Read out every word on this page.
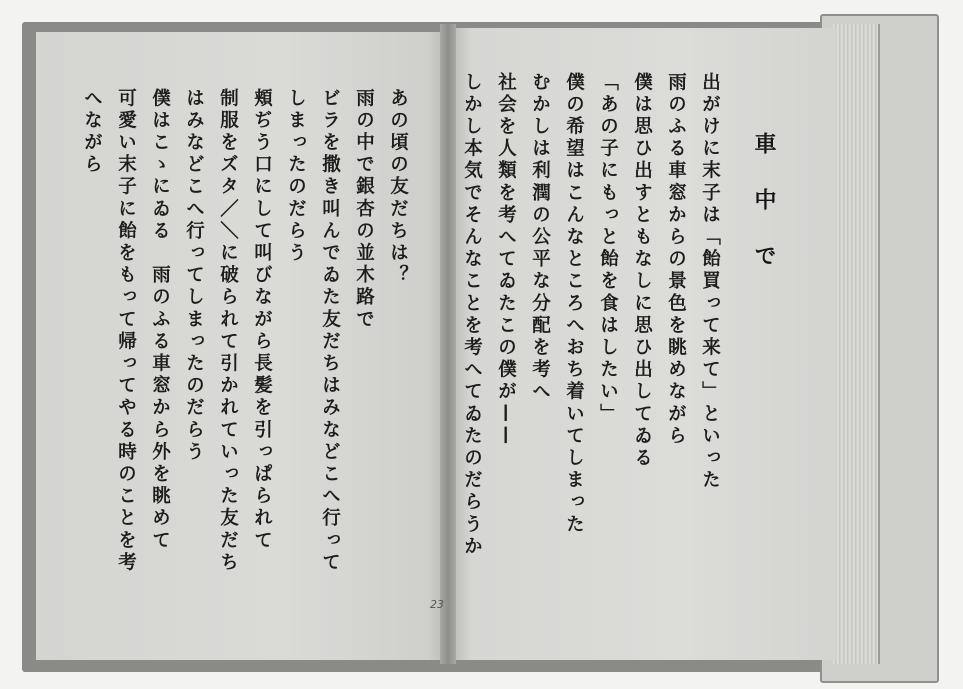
あの頃の友だちは？
雨の中で銀杏の並木路で
ビラを撒き叫んでゐた友だちはみなどこへ行って
しまったのだらう
頬ぢう口にして叫びながら長髪を引っぱられて
制服をズタ／＼に破られて引かれていった友だち
はみなどこへ行ってしまったのだらう
僕はこゝにゐる　雨のふる車窓から外を眺めて
可愛い末子に飴をもって帰ってやる時のことを考
へながら	車中で
出がけに末子は「飴買って来て」といった
雨のふる車窓からの景色を眺めながら
僕は思ひ出すともなしに思ひ出してゐる
「あの子にもっと飴を食はしたい」
僕の希望はこんなところへおち着いてしまった
むかしは利潤の公平な分配を考へ
社会を人類を考へてゐたこの僕が——
しかし本気でそんなことを考へてゐたのだらうか
23
